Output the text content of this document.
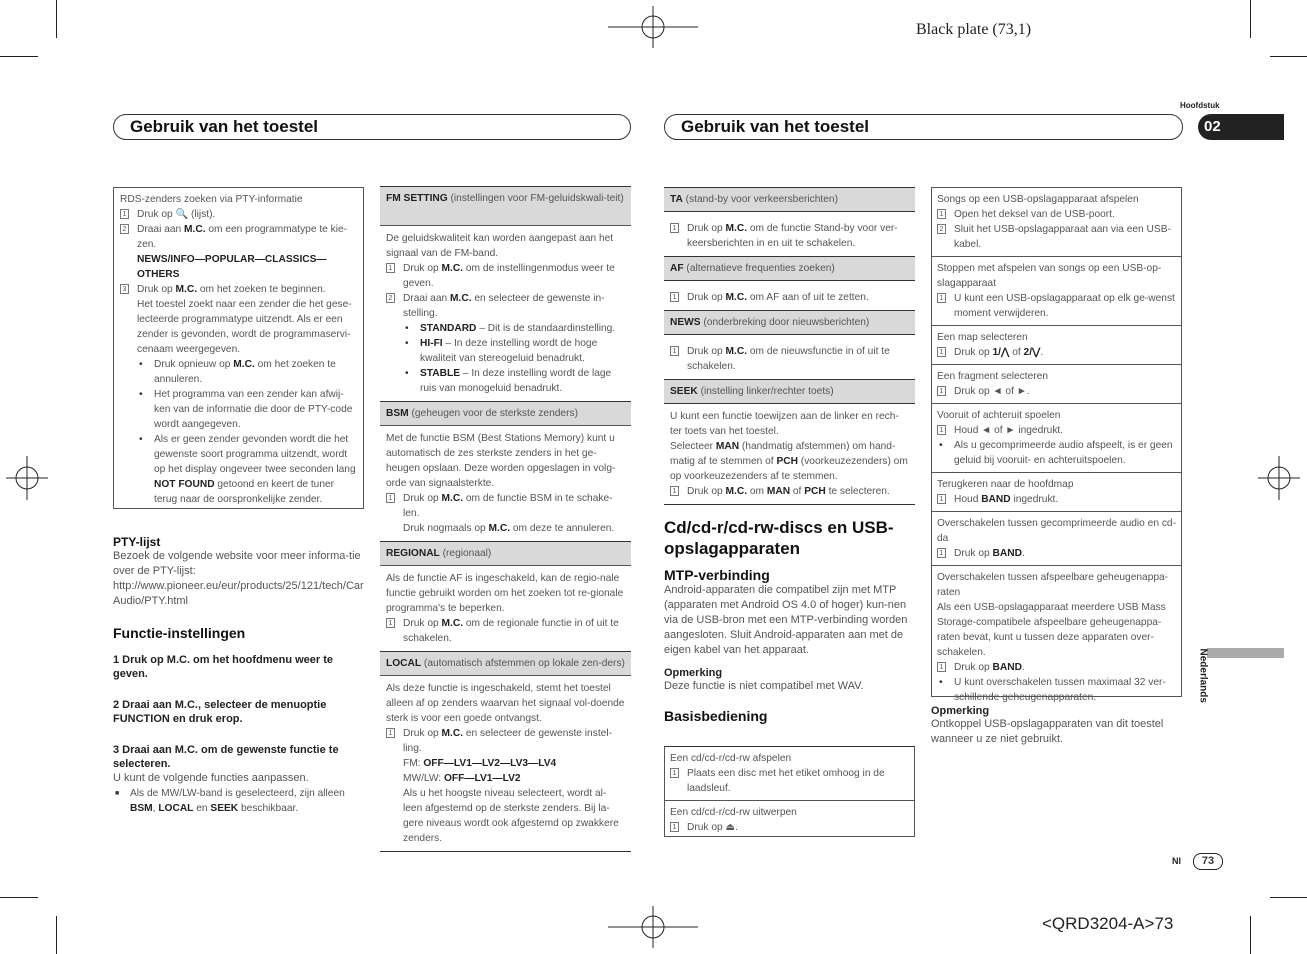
Black plate (73,1)
<QRD3204-A>73
Hoofdstuk
02
Nederlands
Nl	73
Gebruik van het toestel	Gebruik van het toestel
RDS-zenders zoeken via PTY-informatie
1 Druk op 🔍 (lijst).
2 Draai aan M.C. om een programmatype te kie-zen.
NEWS/INFO—POPULAR—CLASSICS—OTHERS
3 Druk op M.C. om het zoeken te beginnen.
Het toestel zoekt naar een zender die het gese-lecteerde programmatype uitzendt. Als er een zender is gevonden, wordt de programmaservi-cenaam weergegeven.
• Druk opnieuw op M.C. om het zoeken te annuleren.
• Het programma van een zender kan afwij-ken van de informatie die door de PTY-code wordt aangegeven.
• Als er geen zender gevonden wordt die het gewenste soort programma uitzendt, wordt op het display ongeveer twee seconden lang NOT FOUND getoond en keert de tuner terug naar de oorspronkelijke zender.
PTY-lijst
Bezoek de volgende website voor meer informa-tie over de PTY-lijst:
http://www.pioneer.eu/eur/products/25/121/tech/CarAudio/PTY.html
Functie-instellingen
1 Druk op M.C. om het hoofdmenu weer te geven.
2 Draai aan M.C., selecteer de menuoptie FUNCTION en druk erop.
3 Draai aan M.C. om de gewenste functie te selecteren.
U kunt de volgende functies aanpassen.
■ Als de MW/LW-band is geselecteerd, zijn alleen BSM, LOCAL en SEEK beschikbaar.
FM SETTING (instellingen voor FM-geluidskwali-teit)
De geluidskwaliteit kan worden aangepast aan het signaal van de FM-band.
1 Druk op M.C. om de instellingenmodus weer te geven.
2 Draai aan M.C. en selecteer de gewenste in-stelling.
• STANDARD – Dit is de standaardinstelling.
• HI-FI – In deze instelling wordt de hoge kwaliteit van stereogeluid benadrukt.
• STABLE – In deze instelling wordt de lage ruis van monogeluid benadrukt.
BSM (geheugen voor de sterkste zenders)
Met de functie BSM (Best Stations Memory) kunt u automatisch de zes sterkste zenders in het ge-heugen opslaan. Deze worden opgeslagen in volg-orde van signaalsterkte.
1 Druk op M.C. om de functie BSM in te schake-len.
Druk nogmaals op M.C. om deze te annuleren.
REGIONAL (regionaal)
Als de functie AF is ingeschakeld, kan de regio-nale functie gebruikt worden om het zoeken tot re-gionale programma's te beperken.
1 Druk op M.C. om de regionale functie in of uit te schakelen.
LOCAL (automatisch afstemmen op lokale zen-ders)
Als deze functie is ingeschakeld, stemt het toestel alleen af op zenders waarvan het signaal vol-doende sterk is voor een goede ontvangst.
1 Druk op M.C. en selecteer de gewenste instel-ling.
FM: OFF—LV1—LV2—LV3—LV4
MW/LW: OFF—LV1—LV2
Als u het hoogste niveau selecteert, wordt al-leen afgestemd op de sterkste zenders. Bij la-gere niveaus wordt ook afgestemd op zwakkere zenders.
TA (stand-by voor verkeersberichten)
1 Druk op M.C. om de functie Stand-by voor ver-keersberichten in en uit te schakelen.
AF (alternatieve frequenties zoeken)
1 Druk op M.C. om AF aan of uit te zetten.
NEWS (onderbreking door nieuwsberichten)
1 Druk op M.C. om de nieuwsfunctie in of uit te schakelen.
SEEK (instelling linker/rechter toets)
U kunt een functie toewijzen aan de linker en rech-ter toets van het toestel.
Selecteer MAN (handmatig afstemmen) om hand-matig af te stemmen of PCH (voorkeuzezenders) om op voorkeuzezenders af te stemmen.
1 Druk op M.C. om MAN of PCH te selecteren.
Cd/cd-r/cd-rw-discs en USB-opslagapparaten
MTP-verbinding
Android-apparaten die compatibel zijn met MTP (apparaten met Android OS 4.0 of hoger) kun-nen via de USB-bron met een MTP-verbinding worden aangesloten. Sluit Android-apparaten aan met de eigen kabel van het apparaat.
Opmerking
Deze functie is niet compatibel met WAV.
Basisbediening
Een cd/cd-r/cd-rw afspelen
1 Plaats een disc met het etiket omhoog in de laadsleuf.
Een cd/cd-r/cd-rw uitwerpen
1 Druk op ⏏.
Songs op een USB-opslagapparaat afspelen
1 Open het deksel van de USB-poort.
2 Sluit het USB-opslagapparaat aan via een USB-kabel.
Stoppen met afspelen van songs op een USB-op-slagapparaat
1 U kunt een USB-opslagapparaat op elk ge-wenst moment verwijderen.
Een map selecteren
1 Druk op 1/⋀ of 2/⋁.
Een fragment selecteren
1 Druk op ◄ of ►.
Vooruit of achteruit spoelen
1 Houd ◄ of ► ingedrukt.
• Als u gecomprimeerde audio afspeelt, is er geen geluid bij vooruit- en achteruitspoelen.
Terugkeren naar de hoofdmap
1 Houd BAND ingedrukt.
Overschakelen tussen gecomprimeerde audio en cd-da
1 Druk op BAND.
Overschakelen tussen afspeelbare geheugenappa-raten
Als een USB-opslagapparaat meerdere USB Mass Storage-compatibele afspeelbare geheugenappa-raten bevat, kunt u tussen deze apparaten over-schakelen.
1 Druk op BAND.
• U kunt overschakelen tussen maximaal 32 ver-schillende geheugenapparaten.
Opmerking
Ontkoppel USB-opslagapparaten van dit toestel wanneer u ze niet gebruikt.
